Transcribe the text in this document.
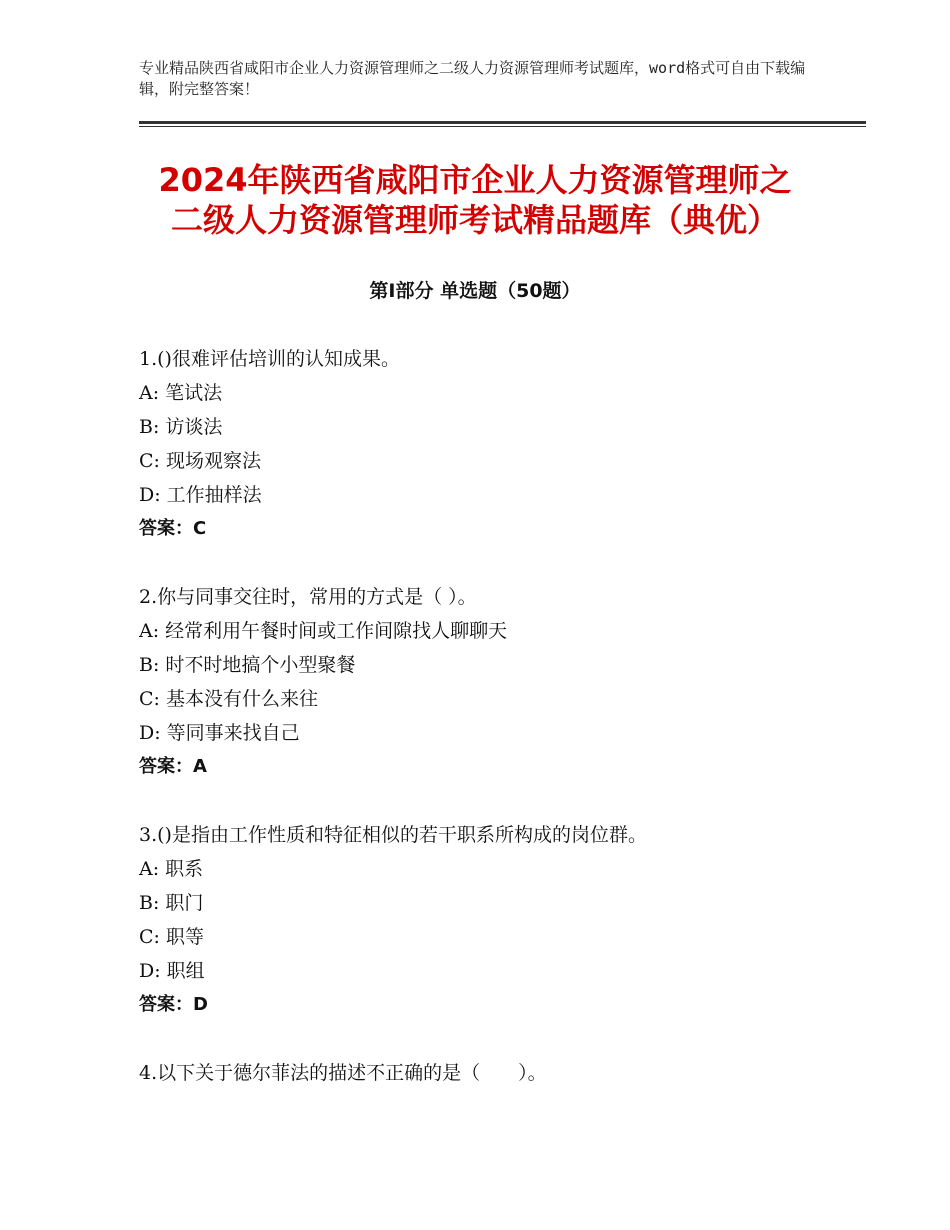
专业精品陕西省咸阳市企业人力资源管理师之二级人力资源管理师考试题库，word格式可自由下载编辑，附完整答案！
2024年陕西省咸阳市企业人力资源管理师之
二级人力资源管理师考试精品题库（典优）
第Ⅰ部分 单选题（50题）
1.()很难评估培训的认知成果。
A: 笔试法
B: 访谈法
C: 现场观察法
D: 工作抽样法
答案：C
2.你与同事交往时，常用的方式是（ ）。
A: 经常利用午餐时间或工作间隙找人聊聊天
B: 时不时地搞个小型聚餐
C: 基本没有什么来往
D: 等同事来找自己
答案：A
3.()是指由工作性质和特征相似的若干职系所构成的岗位群。
A: 职系
B: 职门
C: 职等
D: 职组
答案：D
4.以下关于德尔菲法的描述不正确的是（　　）。
